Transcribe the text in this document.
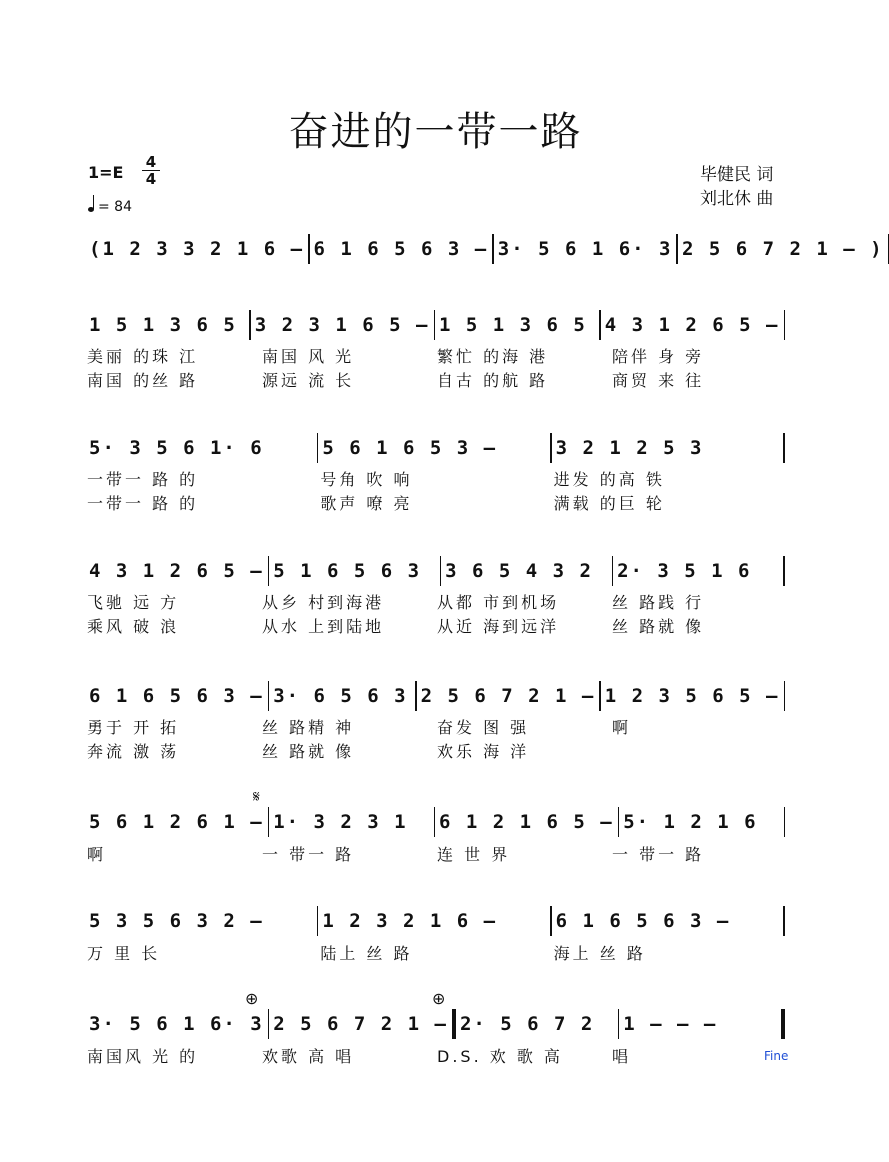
奋进的一带一路
毕健民 词
刘北休 曲
1=E
4
4
= 84
(1 2 3 3 2 1 6 – 6 1 6 5 6 3 – 3· 5 6 1 6· 3 2 5 6 7 2 1 – )
1 5 1 3 6 5 3 2 3 1 6 5 – 1 5 1 3 6 5 4 3 1 2 6 5 –
美丽 的珠 江	南国 风 光	繁忙 的海 港	陪伴 身 旁
南国 的丝 路	源远 流 长	自古 的航 路	商贸 来 往
5· 3 5 6 1· 6	5 6 1 6 5 3 –	3 2 1 2 5 3
一带一 路 的	号角 吹 响	进发 的高 铁
一带一 路 的	歌声 嘹 亮	满载 的巨 轮
4 3 1 2 6 5 – 5 1 6 5 6 3	3 6 5 4 3 2	2· 3 5 1 6
飞驰 远 方	从乡 村到海港	从都 市到机场	丝 路践 行
乘风 破 浪	从水 上到陆地	从近 海到远洋	丝 路就 像
6 1 6 5 6 3 – 3· 6 5 6 3 2 5 6 7 2 1 – 1 2 3 5 6 5 –
勇于 开 拓	丝 路精 神	奋发 图 强	啊
奔流 激 荡	丝 路就 像	欢乐 海 洋
𝄋
5 6 1 2 6 1 – 1· 3 2 3 1	6 1 2 1 6 5 – 5· 1 2 1 6
啊	一 带一 路	连 世 界	一 带一 路
5 3 5 6 3 2 –	1 2 3 2 1 6 –	6 1 6 5 6 3 –
万 里 长	陆上 丝 路	海上 丝 路
⊕	⊕
3· 5 6 1 6· 3 2 5 6 7 2 1 – 2· 5 6 7 2	1 – – –
南国风 光 的	欢歌 高 唱	D.S. 欢 歌 高	唱	Fine
